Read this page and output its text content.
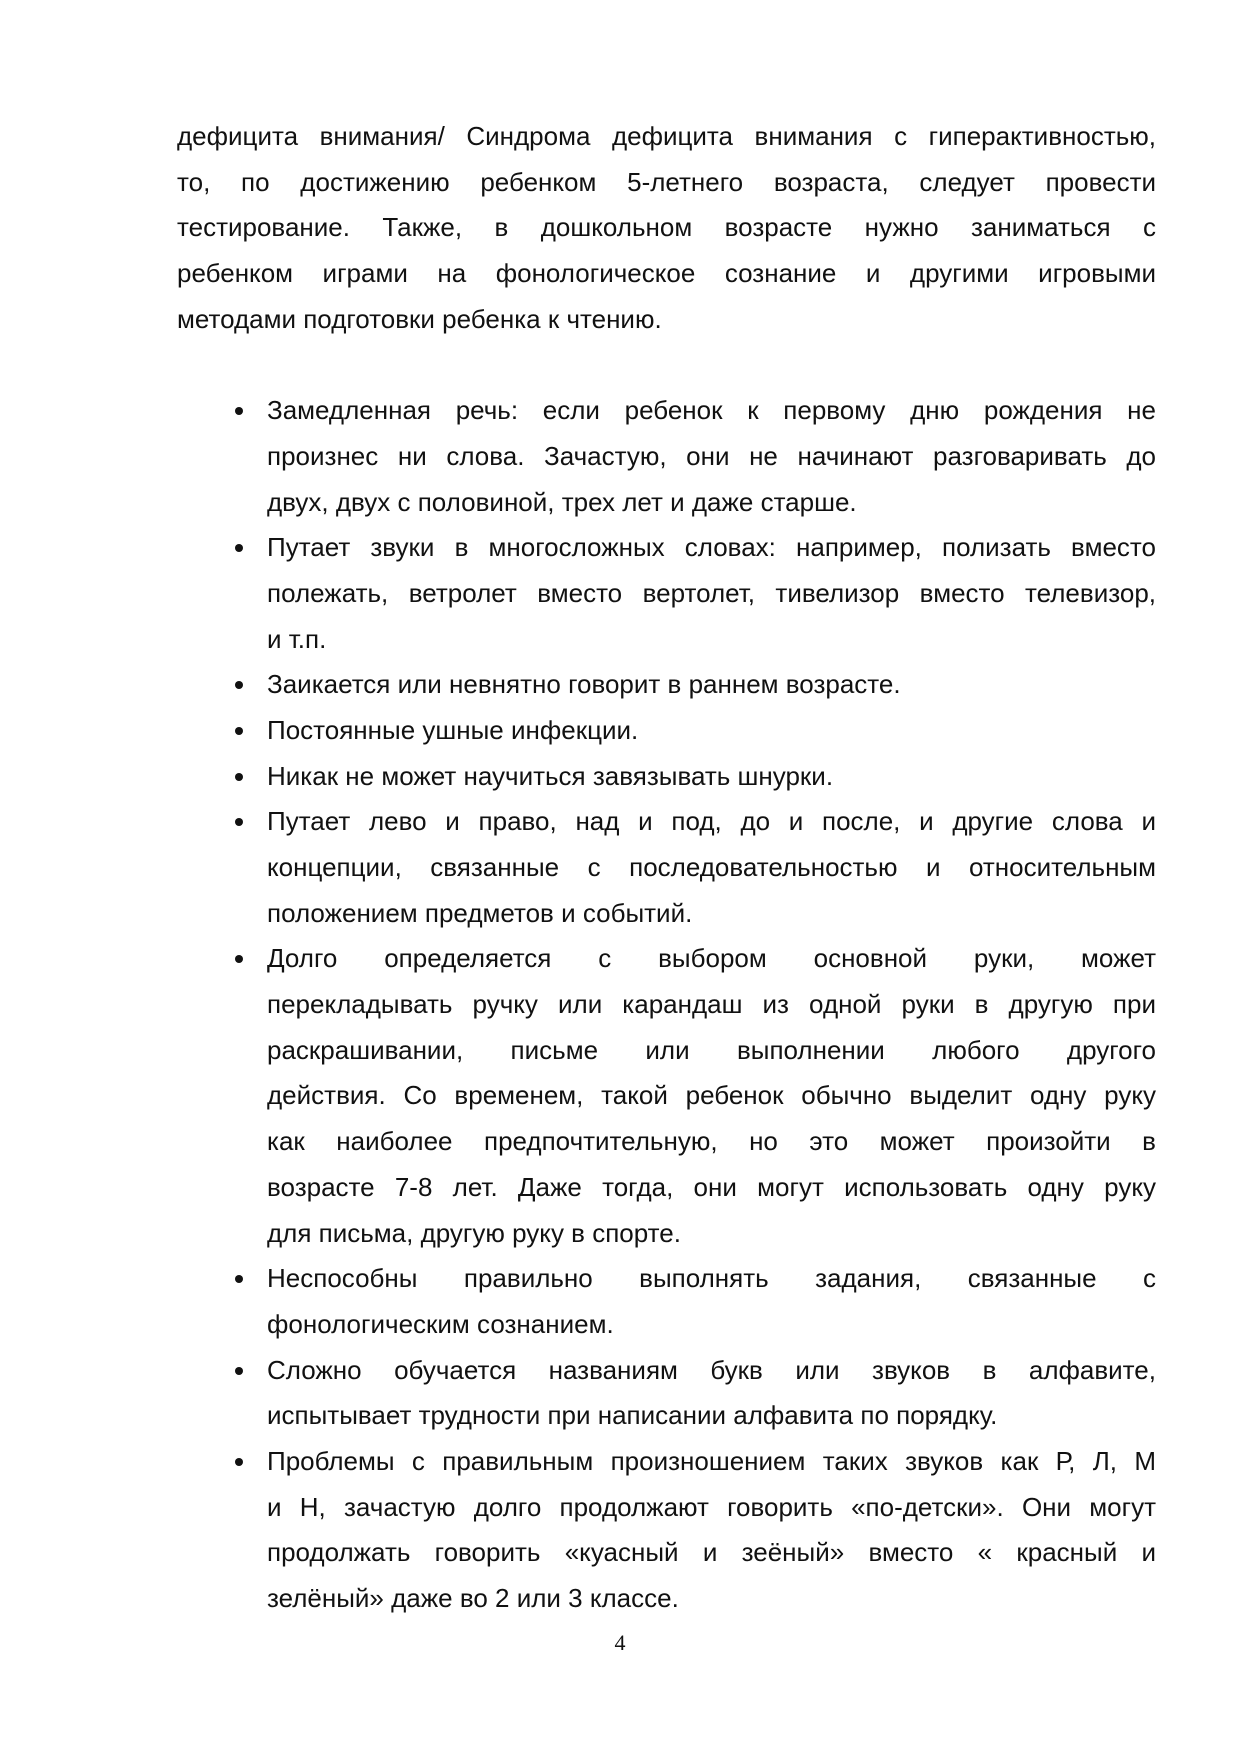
дефицита внимания/ Синдрома дефицита внимания с гиперактивностью,
то, по достижению ребенком 5-летнего возраста, следует провести
тестирование. Также, в дошкольном возрасте нужно заниматься с
ребенком играми на фонологическое сознание и другими игровыми
методами подготовки ребенка к чтению.
Замедленная речь: если ребенок к первому дню рождения не
произнес ни слова. Зачастую, они не начинают разговаривать до
двух, двух с половиной, трех лет и даже старше.
Путает звуки в многосложных словах: например, полизать вместо
полежать, ветролет вместо вертолет, тивелизор вместо телевизор,
и т.п.
Заикается или невнятно говорит в раннем возрасте.
Постоянные ушные инфекции.
Никак не может научиться завязывать шнурки.
Путает лево и право, над и под, до и после, и другие слова и
концепции, связанные с последовательностью и относительным
положением предметов и событий.
Долго определяется с выбором основной руки, может
перекладывать ручку или карандаш из одной руки в другую при
раскрашивании, письме или выполнении любого другого
действия. Со временем, такой ребенок обычно выделит одну руку
как наиболее предпочтительную, но это может произойти в
возрасте 7-8 лет. Даже тогда, они могут использовать одну руку
для письма, другую руку в спорте.
Неспособны правильно выполнять задания, связанные с
фонологическим сознанием.
Сложно обучается названиям букв или звуков в алфавите,
испытывает трудности при написании алфавита по порядку.
Проблемы с правильным произношением таких звуков как Р, Л, М
и Н, зачастую долго продолжают говорить «по-детски». Они могут
продолжать говорить «куасный и зеёный» вместо « красный и
зелёный» даже во 2 или 3 классе.
4
